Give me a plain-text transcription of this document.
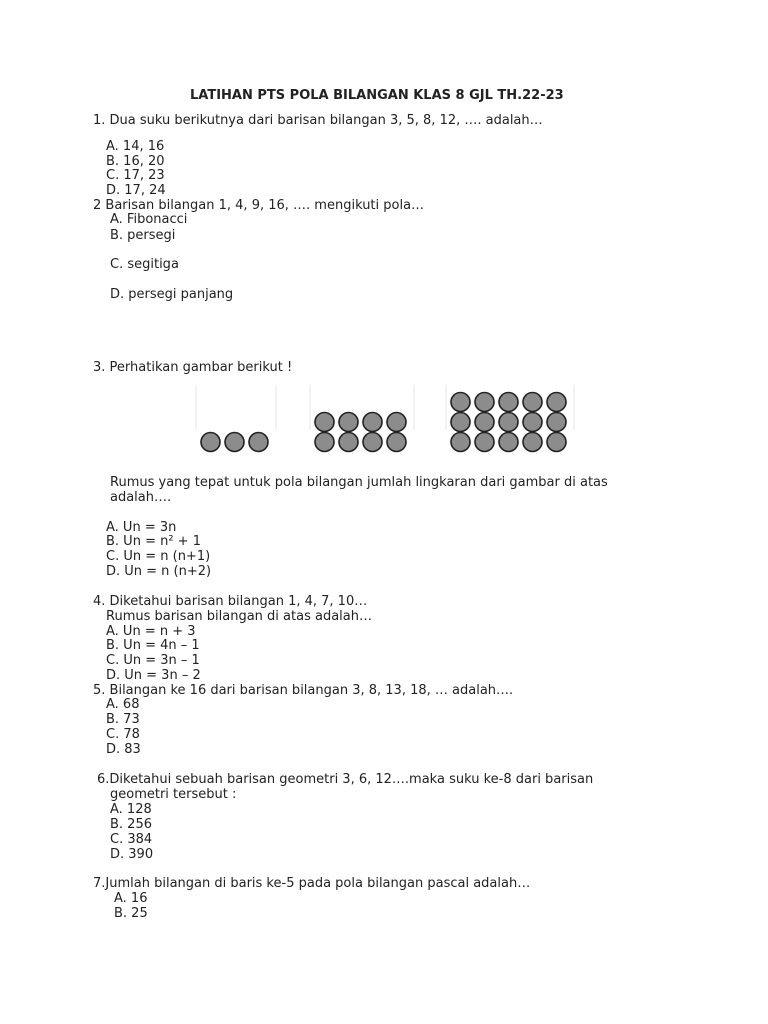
LATIHAN PTS POLA BILANGAN KLAS 8 GJL TH.22-23
1. Dua suku berikutnya dari barisan bilangan 3, 5, 8, 12, …. adalah…
A. 14, 16
B. 16, 20
C. 17, 23
D. 17, 24
2 Barisan bilangan 1, 4, 9, 16, …. mengikuti pola…
A. Fibonacci
B. persegi
C. segitiga
D. persegi panjang
3. Perhatikan gambar berikut !
Rumus yang tepat untuk pola bilangan jumlah lingkaran dari gambar di atas
adalah….
A. Un = 3n
B. Un = n² + 1
C. Un = n (n+1)
D. Un = n (n+2)
4. Diketahui barisan bilangan 1, 4, 7, 10…
Rumus barisan bilangan di atas adalah…
A. Un = n + 3
B. Un = 4n – 1
C. Un = 3n – 1
D. Un = 3n – 2
5. Bilangan ke 16 dari barisan bilangan 3, 8, 13, 18, … adalah….
A. 68
B. 73
C. 78
D. 83
6.Diketahui sebuah barisan geometri 3, 6, 12….maka suku ke-8 dari barisan
geometri tersebut :
A. 128
B. 256
C. 384
D. 390
7.Jumlah bilangan di baris ke-5 pada pola bilangan pascal adalah…
A. 16
B. 25
